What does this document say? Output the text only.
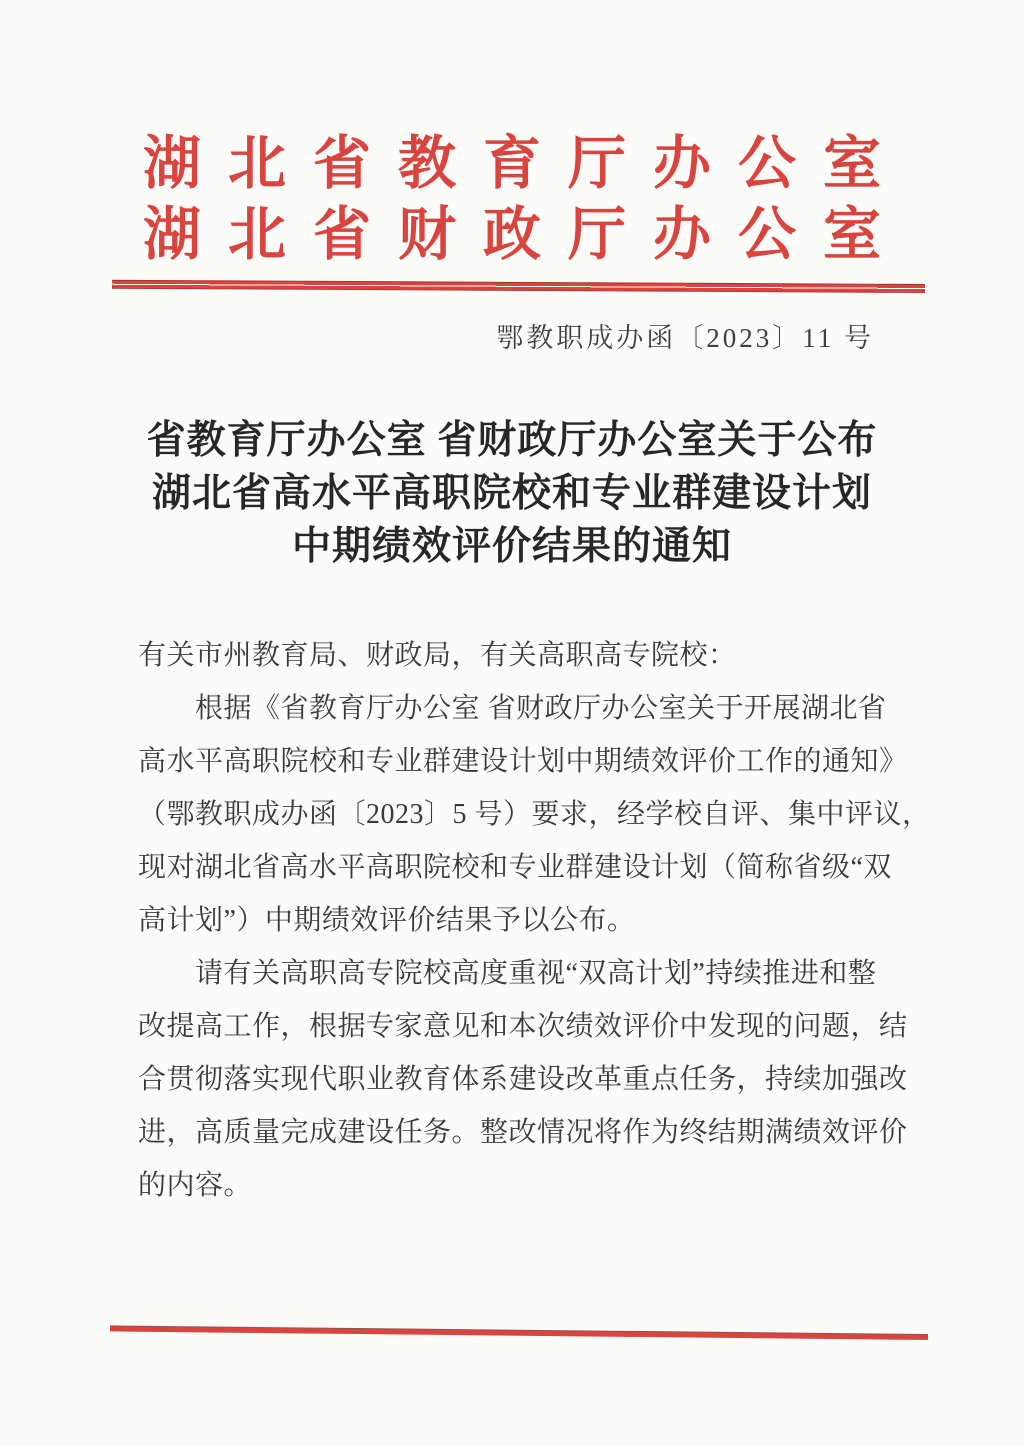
湖北省教育厅办公室
湖北省财政厅办公室
鄂教职成办函〔2023〕11 号
省教育厅办公室 省财政厅办公室关于公布
湖北省高水平高职院校和专业群建设计划
中期绩效评价结果的通知
有关市州教育局、财政局，有关高职高专院校：
根据《省教育厅办公室 省财政厅办公室关于开展湖北省
高水平高职院校和专业群建设计划中期绩效评价工作的通知》
（鄂教职成办函〔2023〕5 号）要求，经学校自评、集中评议，
现对湖北省高水平高职院校和专业群建设计划（简称省级“双
高计划”）中期绩效评价结果予以公布。
请有关高职高专院校高度重视“双高计划”持续推进和整
改提高工作，根据专家意见和本次绩效评价中发现的问题，结
合贯彻落实现代职业教育体系建设改革重点任务，持续加强改
进，高质量完成建设任务。整改情况将作为终结期满绩效评价
的内容。
